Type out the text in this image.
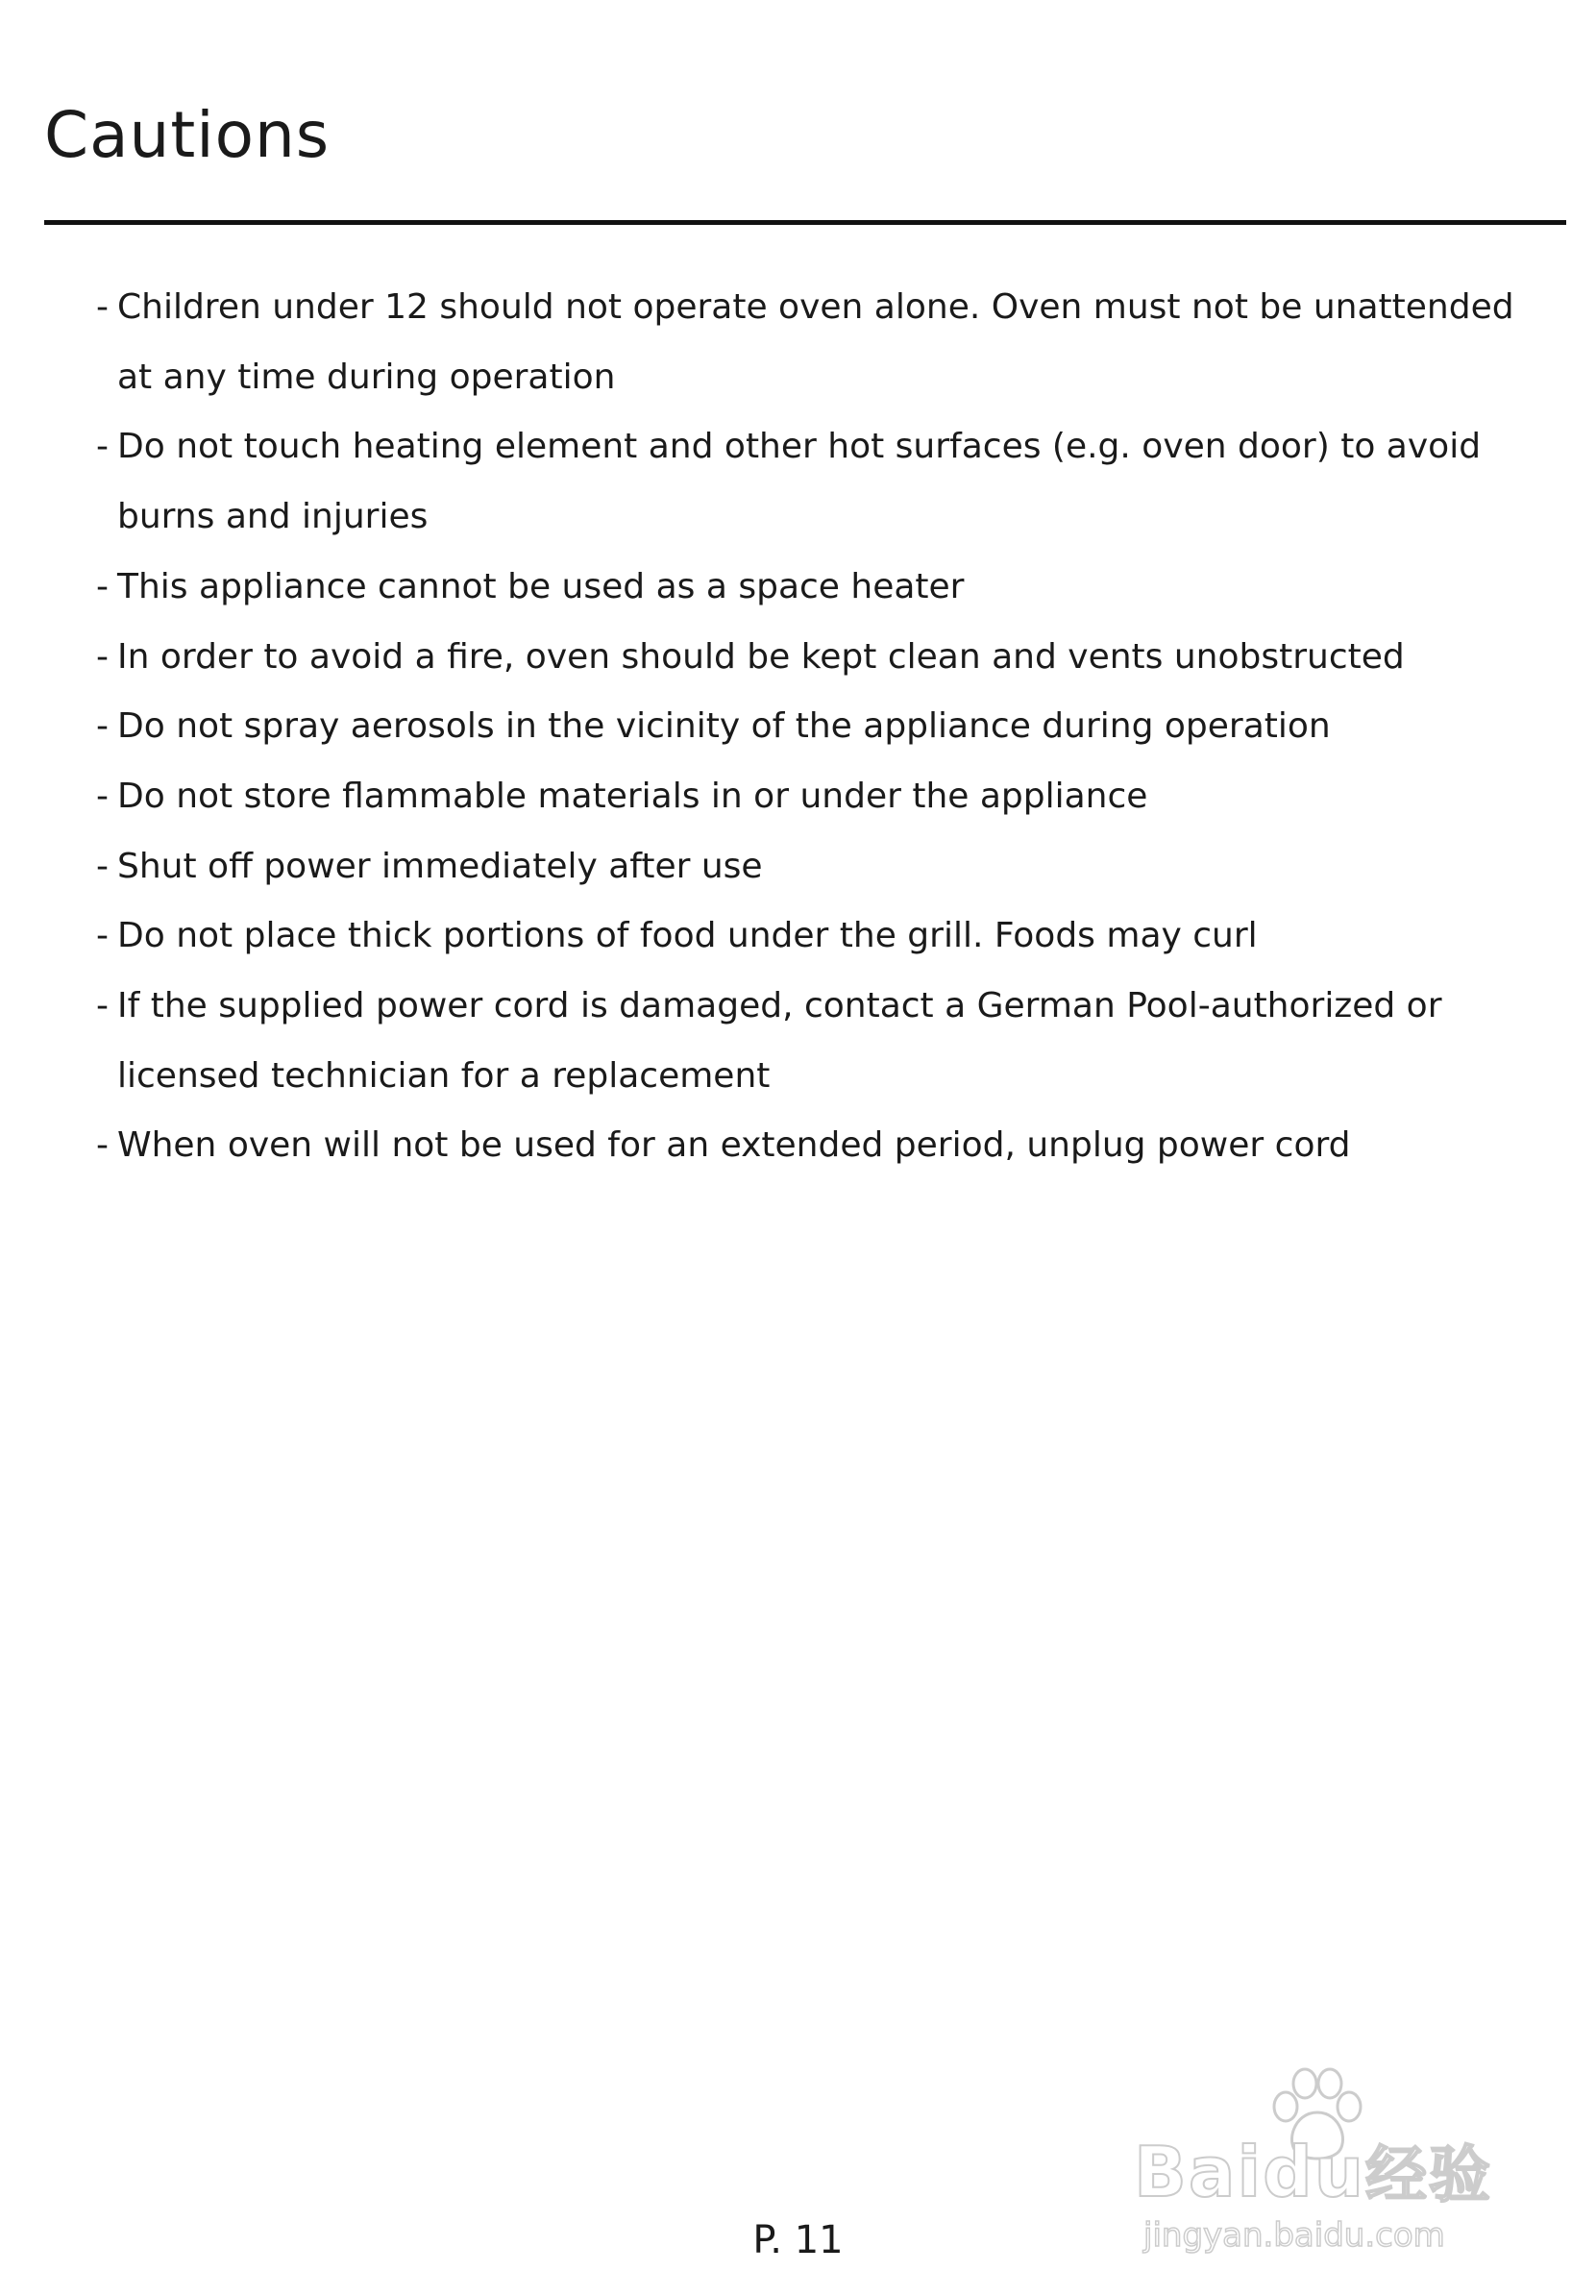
Cautions
- Children under 12 should not operate oven alone. Oven must not be unattended at any time during operation
- Do not touch heating element and other hot surfaces (e.g. oven door) to avoid burns and injuries
- This appliance cannot be used as a space heater
- In order to avoid a fire, oven should be kept clean and vents unobstructed
- Do not spray aerosols in the vicinity of the appliance during operation
- Do not store flammable materials in or under the appliance
- Shut off power immediately after use
- Do not place thick portions of food under the grill. Foods may curl
- If the supplied power cord is damaged, contact a German Pool-authorized or licensed technician for a replacement
- When oven will not be used for an extended period, unplug power cord
P. 11
Baidu经验
jingyan.baidu.com
